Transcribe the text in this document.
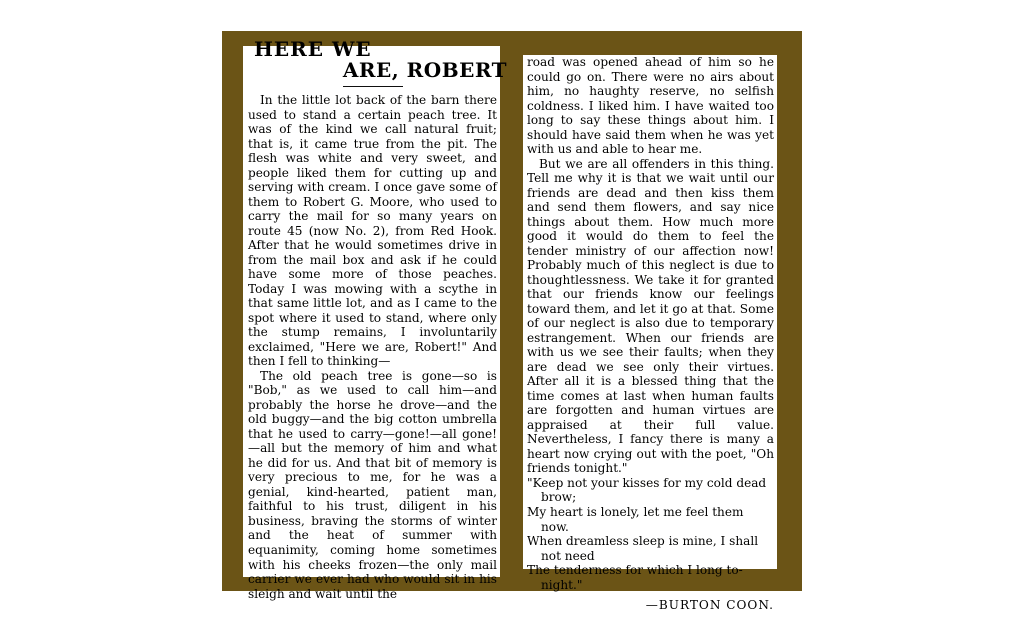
HERE WE
ARE, ROBERT

In the little lot back of the barn there used to stand a certain peach tree. It was of the kind we call natural fruit; that is, it came true from the pit. The flesh was white and very sweet, and people liked them for cutting up and serving with cream. I once gave some of them to Robert G. Moore, who used to carry the mail for so many years on route 45 (now No. 2), from Red Hook. After that he would sometimes drive in from the mail box and ask if he could have some more of those peaches. Today I was mowing with a scythe in that same little lot, and as I came to the spot where it used to stand, where only the stump remains, I involuntarily exclaimed, "Here we are, Robert!" And then I fell to thinking—

The old peach tree is gone—so is "Bob," as we used to call him—and probably the horse he drove—and the old buggy—and the big cotton umbrella that he used to carry—gone!—all gone!—all but the memory of him and what he did for us. And that bit of memory is very precious to me, for he was a genial, kind-hearted, patient man, faithful to his trust, diligent in his business, braving the storms of winter and the heat of summer with equanimity, coming home sometimes with his cheeks frozen—the only mail carrier we ever had who would sit in his sleigh and wait until the

road was opened ahead of him so he could go on. There were no airs about him, no haughty reserve, no selfish coldness. I liked him. I have waited too long to say these things about him. I should have said them when he was yet with us and able to hear me.

But we are all offenders in this thing. Tell me why it is that we wait until our friends are dead and then kiss them and send them flowers, and say nice things about them. How much more good it would do them to feel the tender ministry of our affection now! Probably much of this neglect is due to thoughtlessness. We take it for granted that our friends know our feelings toward them, and let it go at that. Some of our neglect is also due to temporary estrangement. When our friends are with us we see their faults; when they are dead we see only their virtues. After all it is a blessed thing that the time comes at last when human faults are forgotten and human virtues are appraised at their full value. Nevertheless, I fancy there is many a heart now crying out with the poet, "Oh friends tonight."

"Keep not your kisses for my cold dead
brow;
My heart is lonely, let me feel them
now.
When dreamless sleep is mine, I shall
not need
The tenderness for which I long to-
night."
—BURTON COON.
